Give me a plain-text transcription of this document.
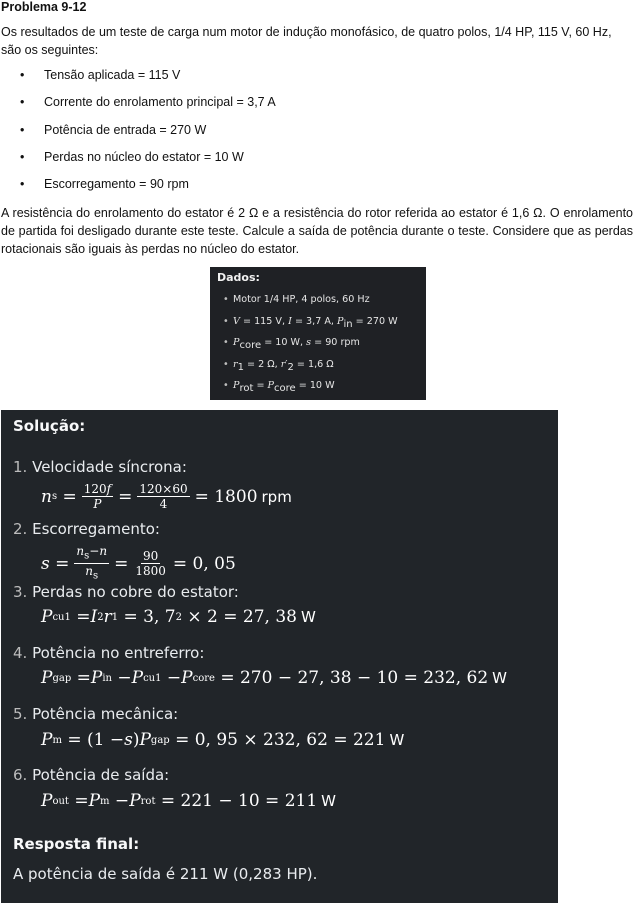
Problema 9-12
Os resultados de um teste de carga num motor de indução monofásico, de quatro polos, 1/4 HP, 115 V, 60 Hz, são os seguintes:
• Tensão aplicada = 115 V
• Corrente do enrolamento principal = 3,7 A
• Potência de entrada = 270 W
• Perdas no núcleo do estator = 10 W
• Escorregamento = 90 rpm
A resistência do enrolamento do estator é 2 Ω e a resistência do rotor referida ao estator é 1,6 Ω. O enrolamento de partida foi desligado durante este teste. Calcule a saída de potência durante o teste. Considere que as perdas rotacionais são iguais às perdas no núcleo do estator.
Dados:
• Motor 1/4 HP, 4 polos, 60 Hz
• V = 115 V, I = 3,7 A, $P_{in} = 270$ W
• $P_{core} = 10$ W, s = 90 rpm
• $r_1 = 2$ Ω, $r'_2 = 1,6$ Ω
• $P_{rot} = P_{core} = 10$ W
Solução:
1. Velocidade síncrona:
n $s = \frac{120f}{P} = \frac{120\times 60}{4} = 1800$ rpm
2. Escorregamento:
$s = \frac{n_s-n}{n_s} = \frac{90}{1800} = 0$, 05
3. Perdas no cobre do estator:
P cu1 = I 2 r 1 = 3, 7 2 × 2 = 27, 38 W
4. Potência no entreferro:
P gap = P in − P cu1 − P core = 270 − 27, 38 − 10 = 232, 62 W
5. Potência mecânica:
P m = (1 − s ) P gap = 0, 95 × 232, 62 = 221 W
6. Potência de saída:
P out = P m − P rot = 221 − 10 = 211 W
Resposta final:
A potência de saída é 211 W (0,283 HP).
